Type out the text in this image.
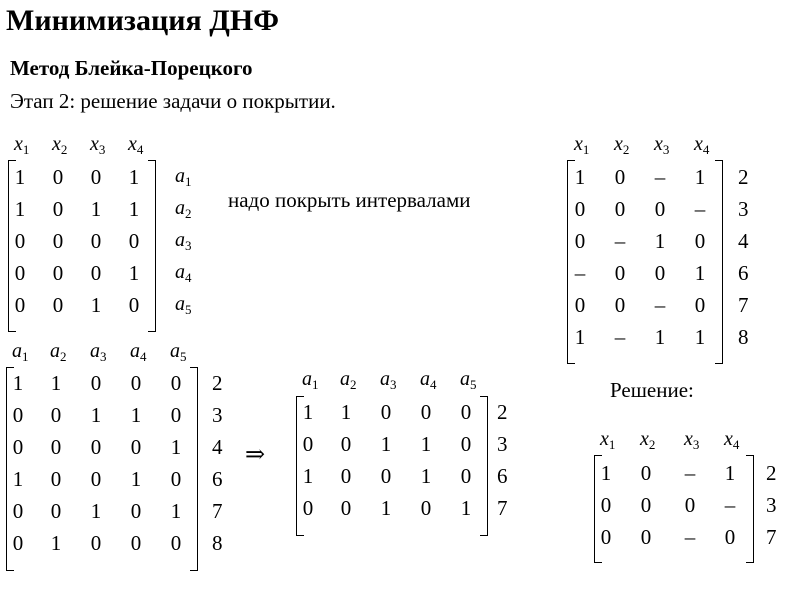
Минимизация ДНФ
Метод Блейка-Порецкого
Этап 2: решение задачи о покрытии.
надо покрыть интервалами
Решение:
⇒
$x_1$ $x_2$ $x_3$ $x_4$
1 0 0 1
1 0 1 1
0 0 0 0
0 0 0 1
0 0 1 0
$a_1$
$a_2$
$a_3$
$a_4$
$a_5$
$x_1$ $x_2$ $x_3$ $x_4$
1 0 – 1
0 0 0 –
0 – 1 0
– 0 0 1
0 0 – 0
1 – 1 1
2
3
4
6
7
8
$a_1$ $a_2$ $a_3$ $a_4$ $a_5$
1 1 0 0 0
0 0 1 1 0
0 0 0 0 1
1 0 0 1 0
0 0 1 0 1
0 1 0 0 0
2
3
4
6
7
8
$a_1$ $a_2$ $a_3$ $a_4$ $a_5$
1 1 0 0 0
0 0 1 1 0
1 0 0 1 0
0 0 1 0 1
2
3
6
7
$x_1$ $x_2$ $x_3$ $x_4$
1 0 – 1
0 0 0 –
0 0 – 0
2
3
7
